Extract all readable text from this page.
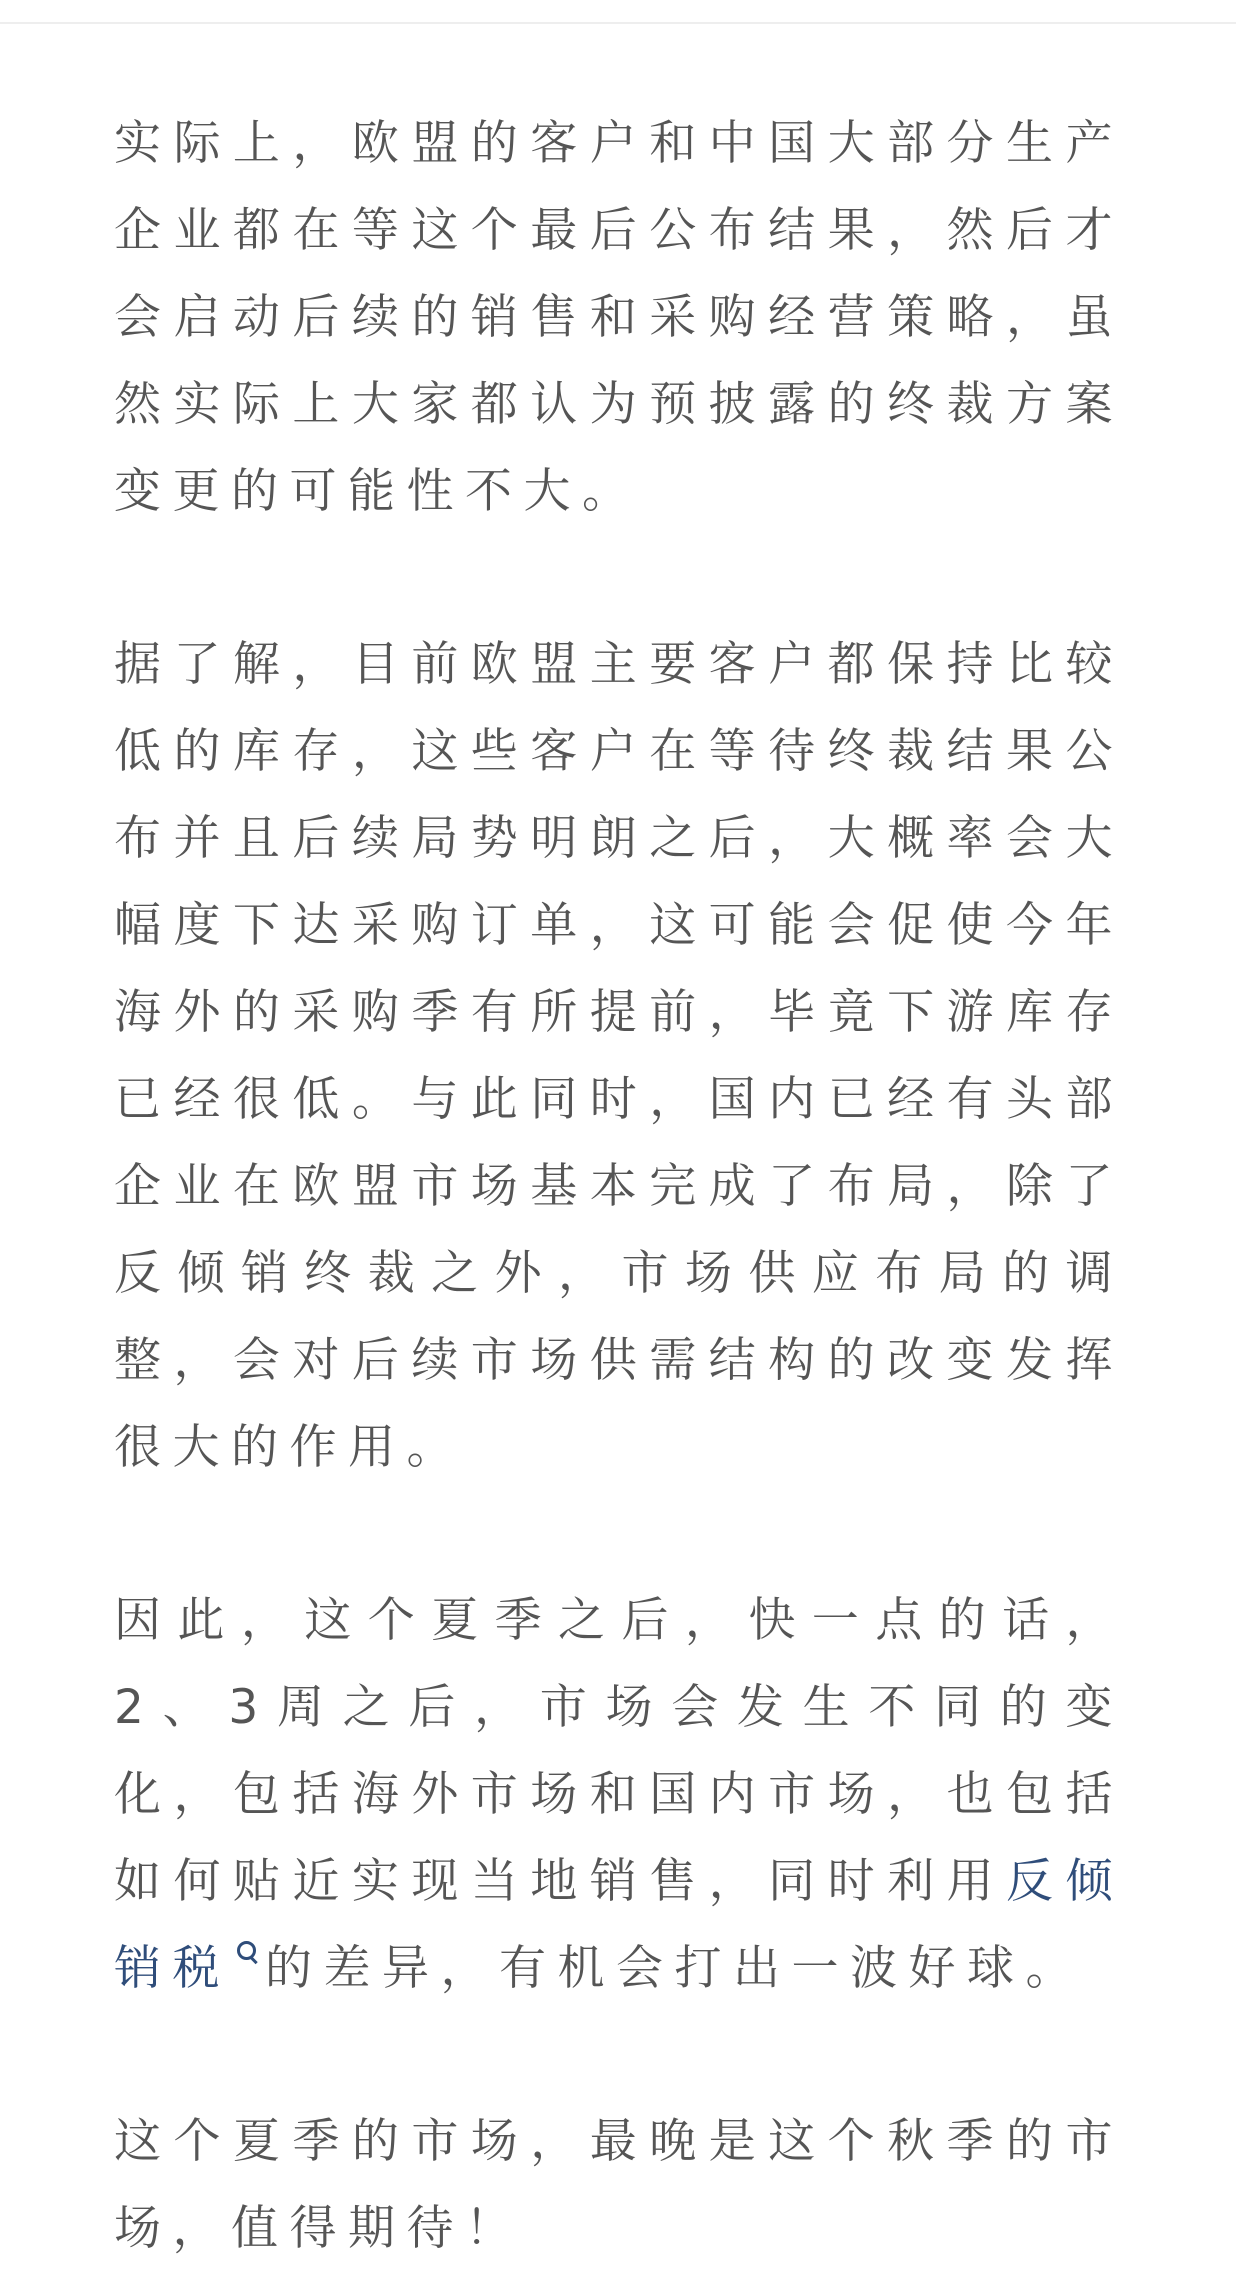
实际上，欧盟的客户和中国大部分生产企业都在等这个最后公布结果，然后才会启动后续的销售和采购经营策略，虽然实际上大家都认为预披露的终裁方案变更的可能性不大。

据了解，目前欧盟主要客户都保持比较低的库存，这些客户在等待终裁结果公布并且后续局势明朗之后，大概率会大幅度下达采购订单，这可能会促使今年海外的采购季有所提前，毕竟下游库存已经很低。与此同时，国内已经有头部企业在欧盟市场基本完成了布局，除了反倾销终裁之外，市场供应布局的调整，会对后续市场供需结构的改变发挥很大的作用。

因此，这个夏季之后，快一点的话，2、3周之后，市场会发生不同的变化，包括海外市场和国内市场，也包括如何贴近实现当地销售，同时利用反倾销税 的差异，有机会打出一波好球。

这个夏季的市场，最晚是这个秋季的市场，值得期待！
